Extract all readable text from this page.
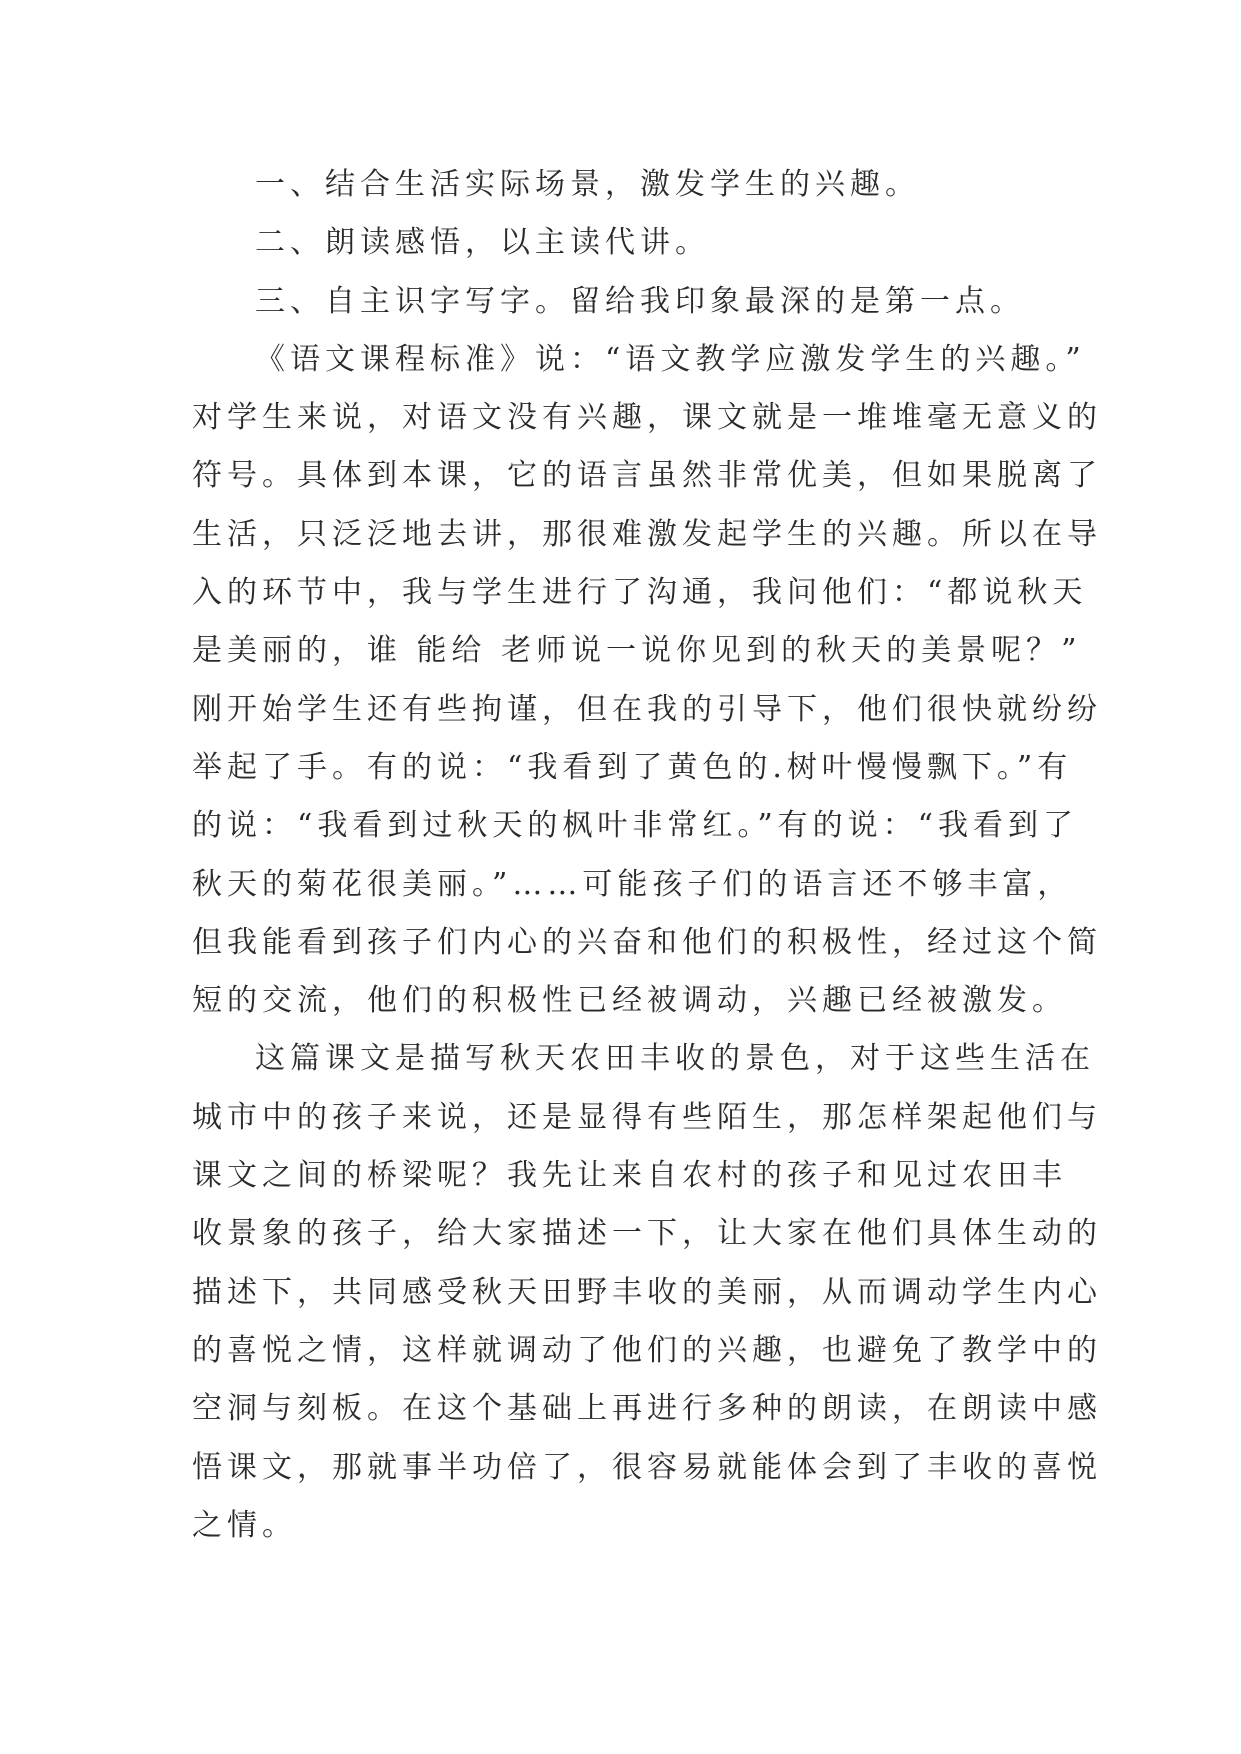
一、结合生活实际场景，激发学生的兴趣。
二、朗读感悟，以主读代讲。
三、自主识字写字。留给我印象最深的是第一点。
《语文课程标准》说：“语文教学应激发学生的兴趣。”
对学生来说，对语文没有兴趣，课文就是一堆堆毫无意义的
符号。具体到本课，它的语言虽然非常优美，但如果脱离了
生活，只泛泛地去讲，那很难激发起学生的兴趣。所以在导
入的环节中，我与学生进行了沟通，我问他们：“都说秋天
是美丽的，谁 能给 老师说一说你见到的秋天的美景呢？”
刚开始学生还有些拘谨，但在我的引导下，他们很快就纷纷
举起了手。有的说：“我看到了黄色的.树叶慢慢飘下。”有
的说：“我看到过秋天的枫叶非常红。”有的说：“我看到了
秋天的菊花很美丽。”……可能孩子们的语言还不够丰富，
但我能看到孩子们内心的兴奋和他们的积极性，经过这个简
短的交流，他们的积极性已经被调动，兴趣已经被激发。
这篇课文是描写秋天农田丰收的景色，对于这些生活在
城市中的孩子来说，还是显得有些陌生，那怎样架起他们与
课文之间的桥梁呢？我先让来自农村的孩子和见过农田丰
收景象的孩子，给大家描述一下，让大家在他们具体生动的
描述下，共同感受秋天田野丰收的美丽，从而调动学生内心
的喜悦之情，这样就调动了他们的兴趣，也避免了教学中的
空洞与刻板。在这个基础上再进行多种的朗读，在朗读中感
悟课文，那就事半功倍了，很容易就能体会到了丰收的喜悦
之情。
